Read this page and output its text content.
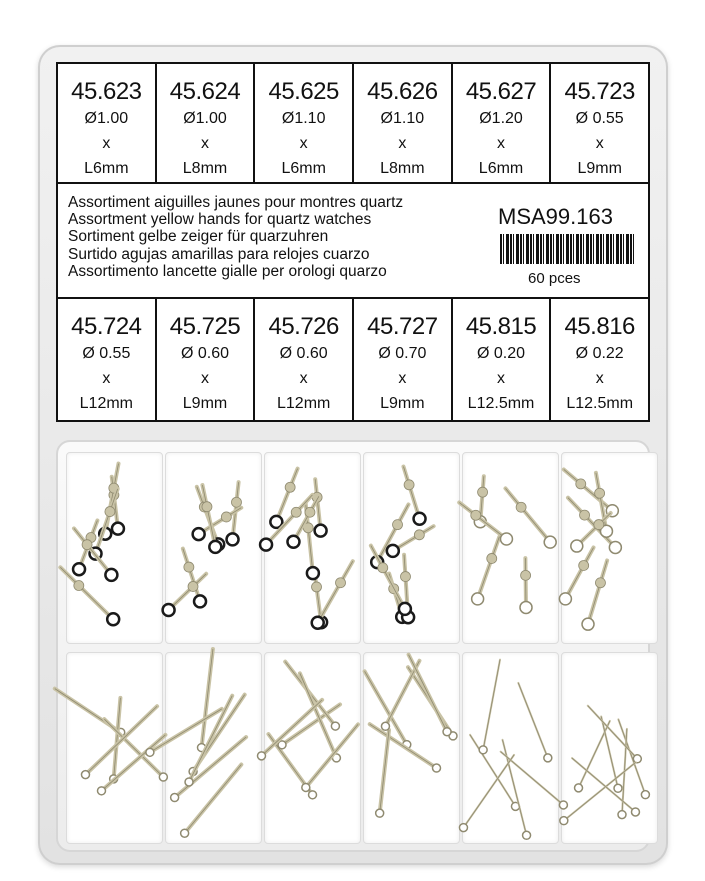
45.623
Ø1.00
x
L6mm
45.624
Ø1.00
x
L8mm
45.625
Ø1.10
x
L6mm
45.626
Ø1.10
x
L8mm
45.627
Ø1.20
x
L6mm
45.723
Ø 0.55
x
L9mm
Assortiment aiguilles jaunes pour montres quartz
Assortment yellow hands for quartz watches
Sortiment gelbe zeiger für quarzuhren
Surtido agujas amarillas para relojes cuarzo
Assortimento lancette gialle per orologi quarzo
MSA99.163
60 pces
45.724
Ø 0.55
x
L12mm
45.725
Ø 0.60
x
L9mm
45.726
Ø 0.60
x
L12mm
45.727
Ø 0.70
x
L9mm
45.815
Ø 0.20
x
L12.5mm
45.816
Ø 0.22
x
L12.5mm
